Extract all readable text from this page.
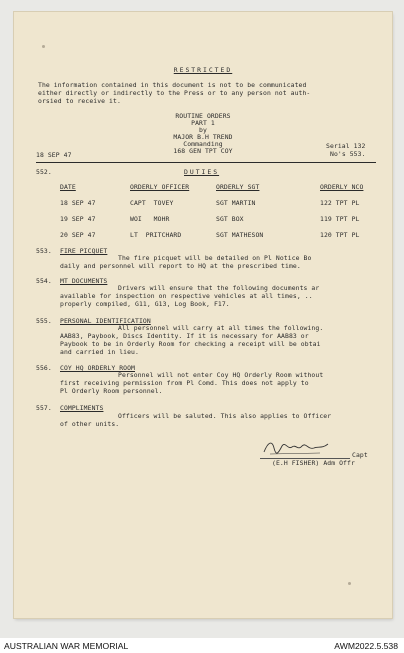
RESTRICTED
The information contained in this document is not to be communicated
either directly or indirectly to the Press or to any person not auth-
orsied to receive it.
ROUTINE ORDERS
PART 1
by
MAJOR B.H TREND
Commanding
168 GEN TPT COY
18 SEP 47
Serial 132
No's 553.
DUTIES
552.
DATE	ORDERLY OFFICER	ORDERLY SGT	ORDERLY NCO
18 SEP 47	CAPT  TOVEY	SGT MARTIN	122 TPT PL
19 SEP 47	WOI   MOHR	SGT BOX	119 TPT PL
20 SEP 47	LT  PRITCHARD	SGT MATHESON	120 TPT PL
553. FIRE PICQUET
The fire picquet will be detailed on Pl Notice Bo
daily and personnel will report to HQ at the prescribed time.
554. MT DOCUMENTS
Drivers will ensure that the following documents ar
available for inspection on respective vehicles at all times, ..
properly compiled, G11, G13, Log Book, F17.
555. PERSONAL IDENTIFICATION
All personnel will carry at all times the following.
AAB83, Paybook, Discs Identity. If it is necessary for AAB83 or
Paybook to be in Orderly Room for checking a receipt will be obtai
and carried in lieu.
556. COY HQ ORDERLY ROOM
Personnel will not enter Coy HQ Orderly Room without
first receiving permission from Pl Comd. This does not apply to
Pl Orderly Room personnel.
557. COMPLIMENTS
Officers will be saluted. This also applies to Officer
of other units.
Capt
(E.H FISHER) Adm Offr
AUSTRALIAN WAR MEMORIAL	AWM2022.5.538
